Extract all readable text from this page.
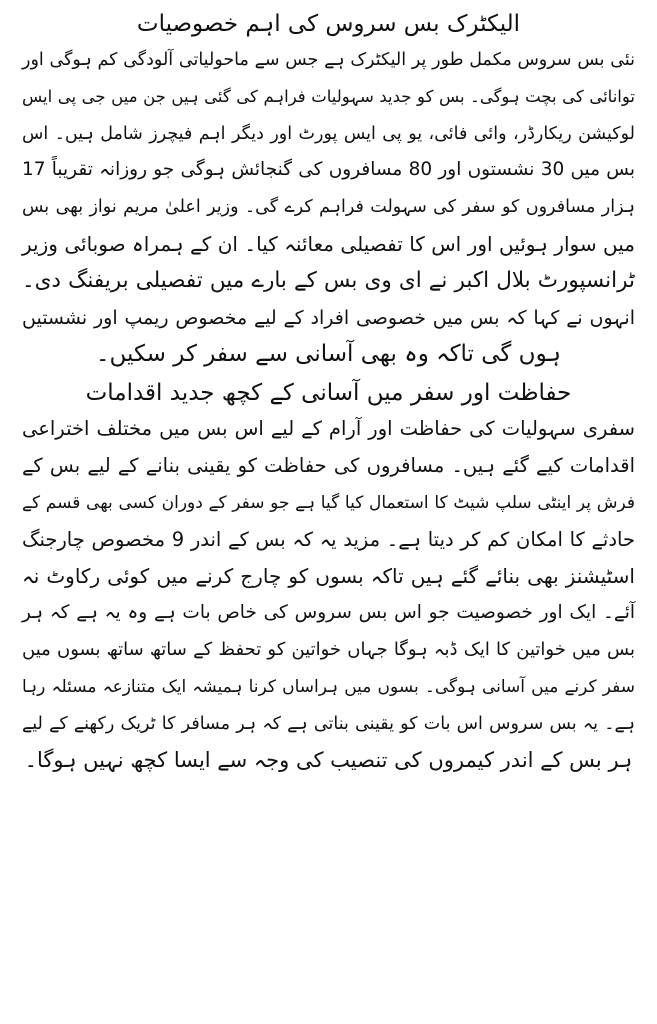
الیکٹرک بس سروس کی اہم خصوصیات
نئی بس سروس مکمل طور پر الیکٹرک ہے جس سے ماحولیاتی آلودگی کم ہوگی اور
توانائی کی بچت ہوگی۔ بس کو جدید سہولیات فراہم کی گئی ہیں جن میں جی پی ایس
لوکیشن ریکارڈر، وائی فائی، یو پی ایس پورٹ اور دیگر اہم فیچرز شامل ہیں۔ اس
بس میں 30 نشستوں اور 80 مسافروں کی گنجائش ہوگی جو روزانہ تقریباً 17
ہزار مسافروں کو سفر کی سہولت فراہم کرے گی۔ وزیر اعلیٰ مریم نواز بھی بس
میں سوار ہوئیں اور اس کا تفصیلی معائنہ کیا۔ ان کے ہمراہ صوبائی وزیر
ٹرانسپورٹ بلال اکبر نے ای وی بس کے بارے میں تفصیلی بریفنگ دی۔
انہوں نے کہا کہ بس میں خصوصی افراد کے لیے مخصوص ریمپ اور نشستیں
ہوں گی تاکہ وہ بھی آسانی سے سفر کر سکیں۔
حفاظت اور سفر میں آسانی کے کچھ جدید اقدامات
سفری سہولیات کی حفاظت اور آرام کے لیے اس بس میں مختلف اختراعی
اقدامات کیے گئے ہیں۔ مسافروں کی حفاظت کو یقینی بنانے کے لیے بس کے
فرش پر اینٹی سلپ شیٹ کا استعمال کیا گیا ہے جو سفر کے دوران کسی بھی قسم کے
حادثے کا امکان کم کر دیتا ہے۔ مزید یہ کہ بس کے اندر 9 مخصوص چارجنگ
اسٹیشنز بھی بنائے گئے ہیں تاکہ بسوں کو چارج کرنے میں کوئی رکاوٹ نہ
آئے۔ ایک اور خصوصیت جو اس بس سروس کی خاص بات ہے وہ یہ ہے کہ ہر
بس میں خواتین کا ایک ڈبہ ہوگا جہاں خواتین کو تحفظ کے ساتھ ساتھ بسوں میں
سفر کرنے میں آسانی ہوگی۔ بسوں میں ہراساں کرنا ہمیشہ ایک متنازعہ مسئلہ رہا
ہے۔ یہ بس سروس اس بات کو یقینی بناتی ہے کہ ہر مسافر کا ٹریک رکھنے کے لیے
ہر بس کے اندر کیمروں کی تنصیب کی وجہ سے ایسا کچھ نہیں ہوگا۔
